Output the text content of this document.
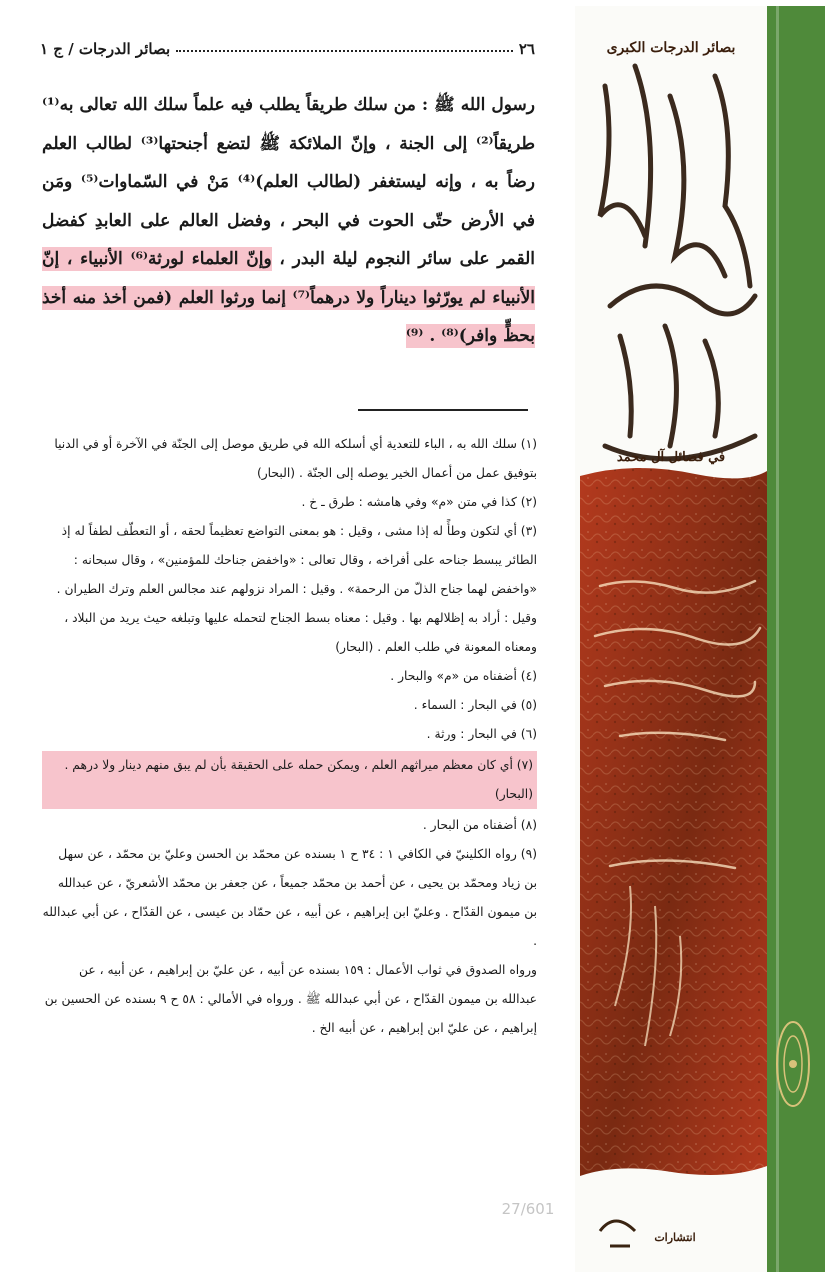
٢٦
بصائر الدرجات / ج ١
رسول الله ﷺ : من سلك طريقاً يطلب فيه علماً سلك الله تعالى به⁽¹⁾ طريقاً⁽²⁾ إلى الجنة ، وإنّ الملائكة ﷺ لتضع أجنحتها⁽³⁾ لطالب العلم رضاً به ، وإنه ليستغفر (لطالب العلم)⁽⁴⁾ مَنْ في السّماوات⁽⁵⁾ ومَن في الأرض حتّى الحوت في البحر ، وفضل العالم على العابدِ كفضل القمر على سائر النجوم ليلة البدر ، وإنّ العلماء لورثة⁽⁶⁾ الأنبياء ، إنّ الأنبياء لم يورّثوا ديناراً ولا درهماً⁽⁷⁾ إنما ورثوا العلم (فمن أخذ منه أخذ بحظٍّ وافر)⁽⁸⁾ . ⁽⁹⁾

(١) سلك الله به ، الباء للتعدية أي أسلكه الله في طريق موصل إلى الجنّة في الآخرة أو في الدنيا بتوفيق عمل من أعمال الخير يوصله إلى الجنّة . (البحار)

(٢) كذا في متن «م» وفي هامشه : طرق ـ خ .

(٣) أي لتكون وطأً له إذا مشى ، وقيل : هو بمعنى التواضع تعظيماً لحقه ، أو التعطّف لطفاً له إذ الطائر يبسط جناحه على أفراخه ، وقال تعالى : «واخفض جناحك للمؤمنين» ، وقال سبحانه : «واخفض لهما جناح الذلّ من الرحمة» . وقيل : المراد نزولهم عند مجالس العلم وترك الطيران . وقيل : أراد به إظلالهم بها . وقيل : معناه بسط الجناح لتحمله عليها وتبلغه حيث يريد من البلاد ، ومعناه المعونة في طلب العلم . (البحار)

(٤) أضفناه من «م» والبحار .

(٥) في البحار : السماء .

(٦) في البحار : ورثة .

(٧) أي كان معظم ميراثهم العلم ، ويمكن حمله على الحقيقة بأن لم يبق منهم دينار ولا درهم . (البحار)

(٨) أضفناه من البحار .

(٩) رواه الكلينيّ في الكافي ١ : ٣٤ ح ١ بسنده عن محمّد بن الحسن وعليّ بن محمّد ، عن سهل بن زياد ومحمّد بن يحيى ، عن أحمد بن محمّد جميعاً ، عن جعفر بن محمّد الأشعريّ ، عن عبدالله بن ميمون القدّاح . وعليّ ابن إبراهيم ، عن أبيه ، عن حمّاد بن عيسى ، عن القدّاح ، عن أبي عبدالله .

ورواه الصدوق في ثواب الأعمال : ١٥٩ بسنده عن أبيه ، عن عليّ بن إبراهيم ، عن أبيه ، عن عبدالله بن ميمون القدّاح ، عن أبي عبدالله ﷺ . ورواه في الأمالي : ٥٨ ح ٩ بسنده عن الحسين بن إبراهيم ، عن عليّ ابن إبراهيم ، عن أبيه الخ .

27/601
انتشارات
في فضائل آل محمد
بصائر الدرجات الكبرى
